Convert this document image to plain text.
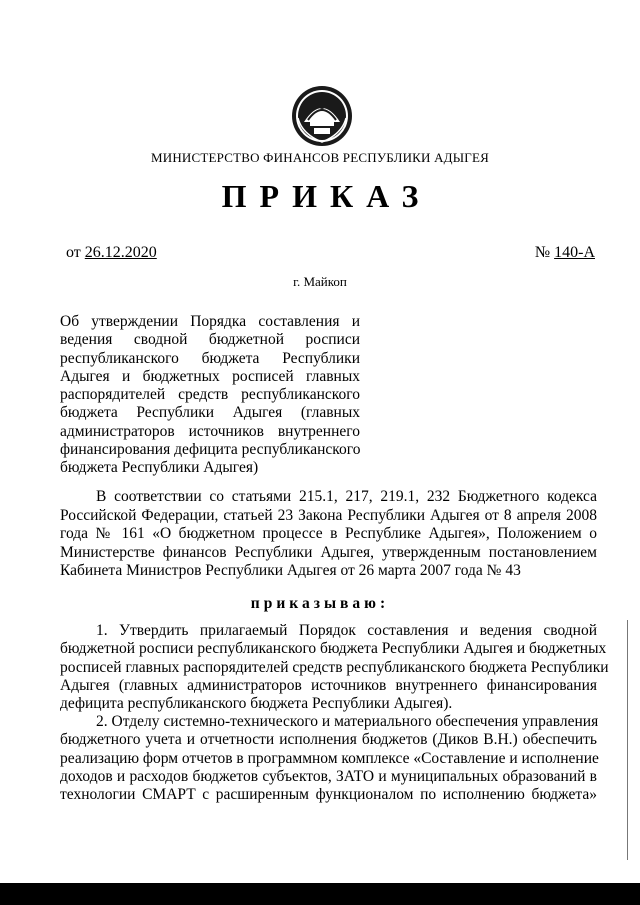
МИНИСТЕРСТВО ФИНАНСОВ РЕСПУБЛИКИ АДЫГЕЯ
ПРИКАЗ
от 26.12.2020	№ 140-А
г. Майкоп
Об утверждении Порядка составления и
ведения сводной бюджетной росписи
республиканского бюджета Республики
Адыгея и бюджетных росписей главных
распорядителей средств республиканского
бюджета Республики Адыгея (главных
администраторов источников внутреннего
финансирования дефицита республиканского
бюджета Республики Адыгея)
В соответствии со статьями 215.1, 217, 219.1, 232 Бюджетного кодекса
Российской Федерации, статьей 23 Закона Республики Адыгея от 8 апреля 2008
года № 161 «О бюджетном процессе в Республике Адыгея», Положением о
Министерстве финансов Республики Адыгея, утвержденным постановлением
Кабинета Министров Республики Адыгея от 26 марта 2007 года № 43
приказываю:
1. Утвердить прилагаемый Порядок составления и ведения сводной
бюджетной росписи республиканского бюджета Республики Адыгея и бюджетных
росписей главных распорядителей средств республиканского бюджета Республики
Адыгея (главных администраторов источников внутреннего финансирования
дефицита республиканского бюджета Республики Адыгея).
2. Отделу системно-технического и материального обеспечения управления
бюджетного учета и отчетности исполнения бюджетов (Диков В.Н.) обеспечить
реализацию форм отчетов в программном комплексе «Составление и исполнение
доходов и расходов бюджетов субъектов, ЗАТО и муниципальных образований в
технологии СМАРТ с расширенным функционалом по исполнению бюджета»
